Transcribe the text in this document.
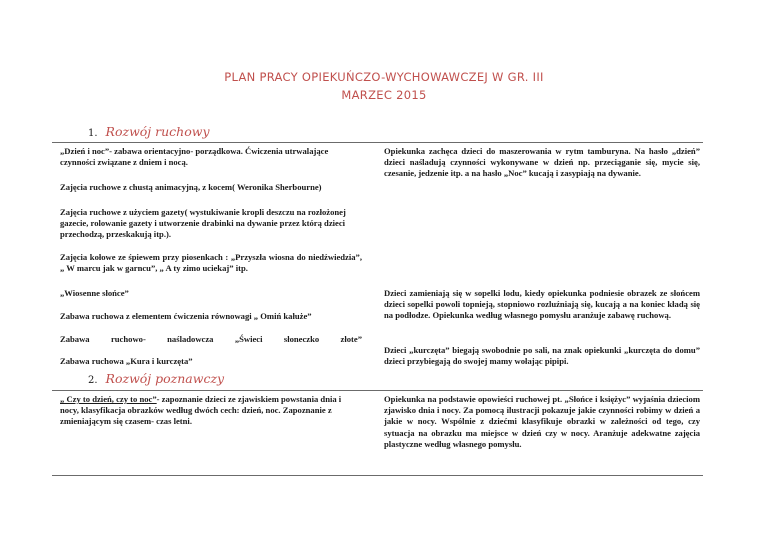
PLAN PRACY OPIEKUŃCZO-WYCHOWAWCZEJ W GR. III
MARZEC 2015
1. Rozwój ruchowy
„Dzień i noc”- zabawa orientacyjno- porządkowa. Ćwiczenia utrwalające czynności związane z dniem i nocą.
Zajęcia ruchowe z chustą animacyjną, z kocem( Weronika Sherbourne)
Zajęcia ruchowe z użyciem gazety( wystukiwanie kropli deszczu na rozłożonej gazecie, rolowanie gazety i utworzenie drabinki na dywanie przez którą dzieci przechodzą, przeskakują itp.).
Zajęcia kołowe ze śpiewem przy piosenkach : „Przyszła wiosna do niedźwiedzia”, „ W marcu jak w garncu”, „ A ty zimo uciekaj” itp.
„Wiosenne słońce”
Zabawa ruchowa z elementem ćwiczenia równowagi „ Omiń kałuże”
Zabawa ruchowo- naśladowcza „Świeci słoneczko złote”
Zabawa ruchowa „Kura i kurczęta”
Opiekunka zachęca dzieci do maszerowania w rytm tamburyna. Na hasło „dzień” dzieci naśladują czynności wykonywane w dzień np. przeciąganie się, mycie się, czesanie, jedzenie itp. a na hasło „Noc” kucają i zasypiają na dywanie.
Dzieci zamieniają się w sopelki lodu, kiedy opiekunka podniesie obrazek ze słońcem dzieci sopelki powoli topnieją, stopniowo rozluźniają się, kucają a na koniec kładą się na podłodze. Opiekunka według własnego pomysłu aranżuje zabawę ruchową.
Dzieci „kurczęta” biegają swobodnie po sali, na znak opiekunki „kurczęta do domu” dzieci przybiegają do swojej mamy wołając pipipi.
2. Rozwój poznawczy
„ Czy to dzień, czy to noc”- zapoznanie dzieci ze zjawiskiem powstania dnia i nocy, klasyfikacja obrazków według dwóch cech: dzień, noc. Zapoznanie z zmieniającym się czasem- czas letni.
Opiekunka na podstawie opowieści ruchowej pt. „Słońce i księżyc” wyjaśnia dzieciom zjawisko dnia i nocy. Za pomocą ilustracji pokazuje jakie czynności robimy w dzień a jakie w nocy. Wspólnie z dziećmi klasyfikuje obrazki w zależności od tego, czy sytuacja na obrazku ma miejsce w dzień czy w nocy. Aranżuje adekwatne zajęcia plastyczne według własnego pomysłu.
